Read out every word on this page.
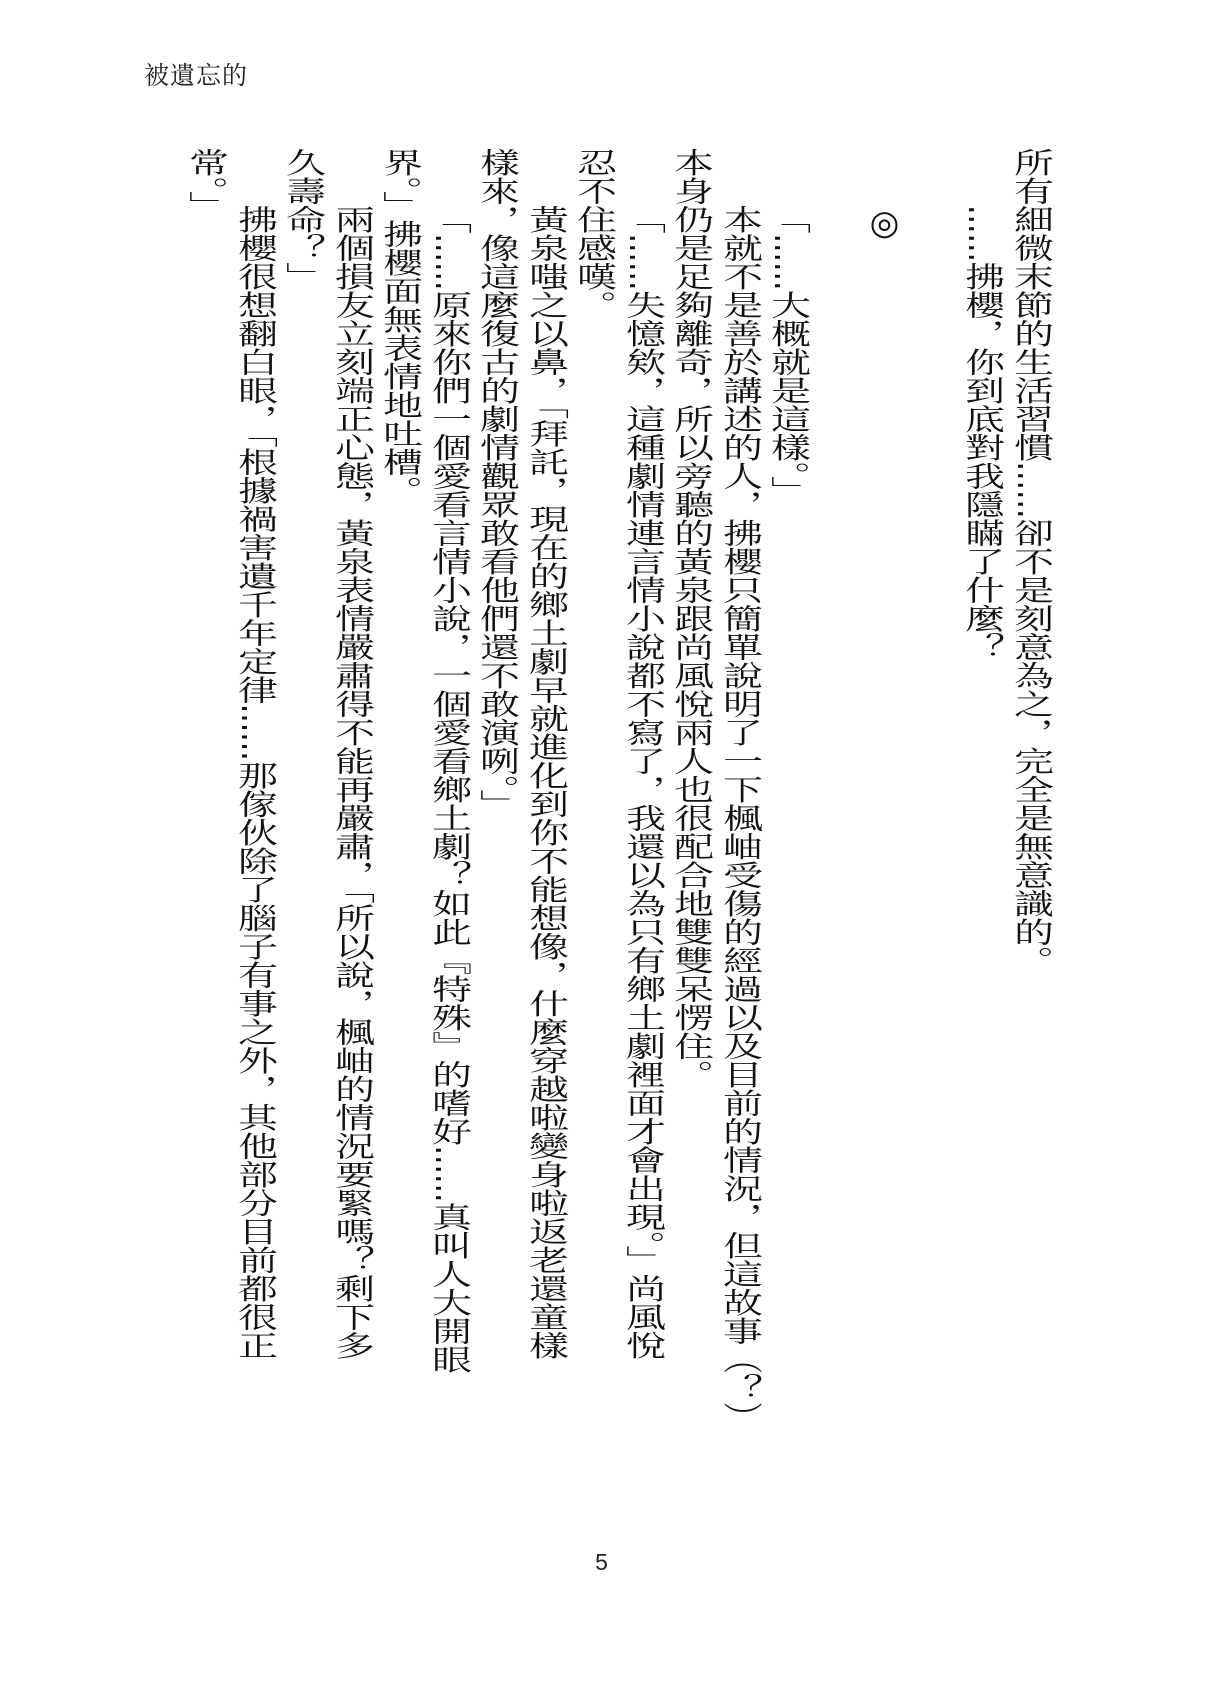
被遺忘的
所有細微末節的生活習慣……卻不是刻意為之，完全是無意識的。
……拂櫻，你到底對我隱瞞了什麼？
◎
「……大概就是這樣。」
本就不是善於講述的人，拂櫻只簡單說明了一下楓岫受傷的經過以及目前的情況，但這故事（？）
本身仍是足夠離奇，所以旁聽的黃泉跟尚風悅兩人也很配合地雙雙呆愣住。
「……失憶欸，這種劇情連言情小說都不寫了，我還以為只有鄉土劇裡面才會出現。」尚風悅
忍不住感嘆。
黃泉嗤之以鼻，「拜託，現在的鄉土劇早就進化到你不能想像，什麼穿越啦變身啦返老還童樣
樣來，像這麼復古的劇情觀眾敢看他們還不敢演咧。」
「……原來你們一個愛看言情小說，一個愛看鄉土劇？如此『特殊』的嗜好……真叫人大開眼
界。」拂櫻面無表情地吐槽。
兩個損友立刻端正心態，黃泉表情嚴肅得不能再嚴肅，「所以說，楓岫的情況要緊嗎？剩下多
久壽命？」
拂櫻很想翻白眼，「根據禍害遺千年定律……那傢伙除了腦子有事之外，其他部分目前都很正
常。」
5
